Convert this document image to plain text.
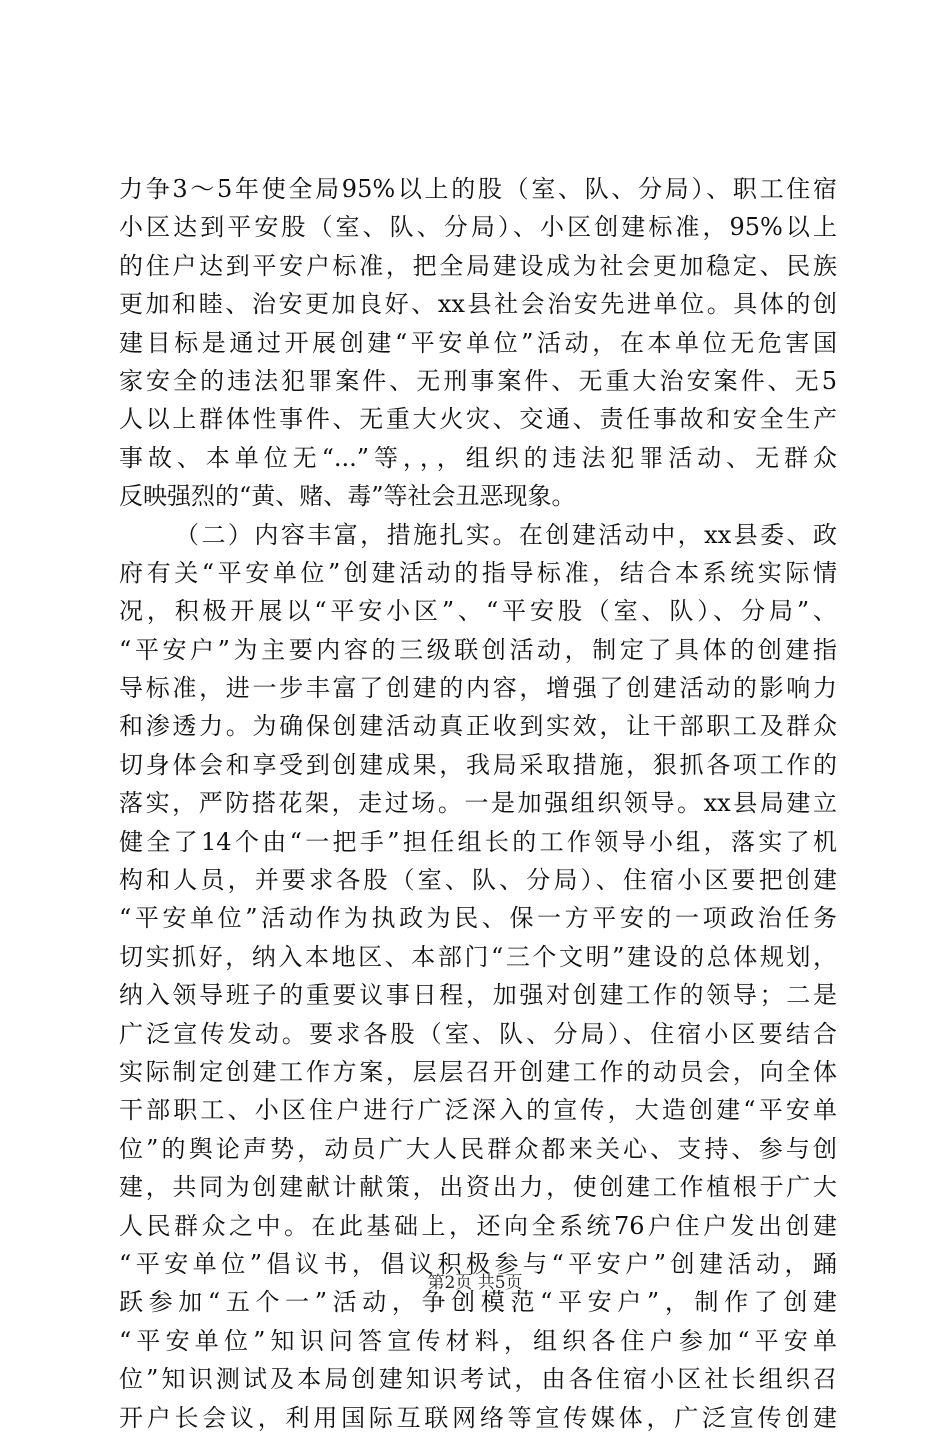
力争3～5年使全局95%以上的股（室、队、分局）、职工住宿
小区达到平安股（室、队、分局）、小区创建标准，95%以上
的住户达到平安户标准，把全局建设成为社会更加稳定、民族
更加和睦、治安更加良好、xx县社会治安先进单位。具体的创
建目标是通过开展创建“平安单位”活动，在本单位无危害国
家安全的违法犯罪案件、无刑事案件、无重大治安案件、无5
人以上群体性事件、无重大火灾、交通、责任事故和安全生产
事故、本单位无“...”等，，，组织的违法犯罪活动、无群众
反映强烈的“黄、赌、毒”等社会丑恶现象。
（二）内容丰富，措施扎实。在创建活动中，xx县委、政
府有关“平安单位”创建活动的指导标准，结合本系统实际情
况，积极开展以“平安小区”、“平安股（室、队）、分局”、
“平安户”为主要内容的三级联创活动，制定了具体的创建指
导标准，进一步丰富了创建的内容，增强了创建活动的影响力
和渗透力。为确保创建活动真正收到实效，让干部职工及群众
切身体会和享受到创建成果，我局采取措施，狠抓各项工作的
落实，严防搭花架，走过场。一是加强组织领导。xx县局建立
健全了14个由“一把手”担任组长的工作领导小组，落实了机
构和人员，并要求各股（室、队、分局）、住宿小区要把创建
“平安单位”活动作为执政为民、保一方平安的一项政治任务
切实抓好，纳入本地区、本部门“三个文明”建设的总体规划，
纳入领导班子的重要议事日程，加强对创建工作的领导；二是
广泛宣传发动。要求各股（室、队、分局）、住宿小区要结合
实际制定创建工作方案，层层召开创建工作的动员会，向全体
干部职工、小区住户进行广泛深入的宣传，大造创建“平安单
位”的舆论声势，动员广大人民群众都来关心、支持、参与创
建，共同为创建献计献策，出资出力，使创建工作植根于广大
人民群众之中。在此基础上，还向全系统76户住户发出创建
“平安单位”倡议书，倡议积极参与“平安户”创建活动，踊
跃参加“五个一”活动，争创模范“平安户”，制作了创建
“平安单位”知识问答宣传材料，组织各住户参加“平安单
位”知识测试及本局创建知识考试，由各住宿小区社长组织召
开户长会议，利用国际互联网络等宣传媒体，广泛宣传创建
第2页 共5页
